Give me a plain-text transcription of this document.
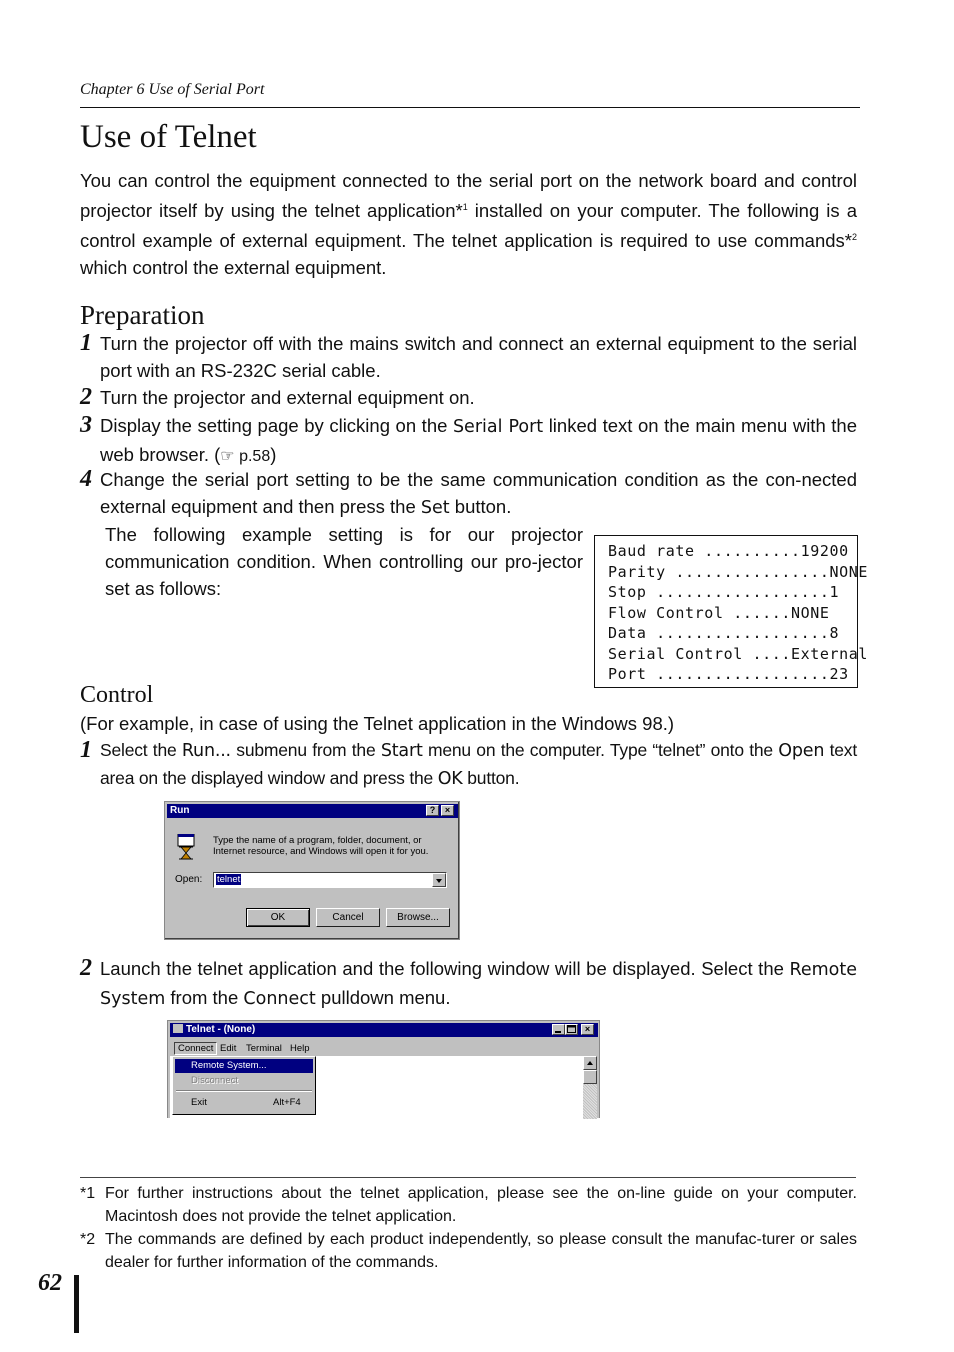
Chapter 6 Use of Serial Port
Use of Telnet
You can control the equipment connected to the serial port on the network board and control projector itself by using the telnet application*$^1$ installed on your computer. The following is a control example of external equipment. The telnet application is required to use commands*$^2$ which control the external equipment.
Preparation
1 Turn the projector off with the mains switch and connect an external equipment to the serial port with an RS-232C serial cable.
2 Turn the projector and external equipment on.
3 Display the setting page by clicking on the Serial Port linked text on the main menu with the web browser. (☞ p.58)
4 Change the serial port setting to be the same communication condition as the con-nected external equipment and then press the Set button.
The following example setting is for our projector communication condition. When controlling our pro-jector set as follows:
Baud rate ..........19200
Parity ................NONE
Stop ..................1
Flow Control ......NONE
Data ..................8
Serial Control ....External
Port ..................23
Control
(For example, in case of using the Telnet application in the Windows 98.)
1 Select the Run... submenu from the Start menu on the computer. Type “telnet” onto the Open text area on the displayed window and press the OK button.
Run	?	×
Type the name of a program, folder, document, or Internet resource, and Windows will open it for you.
Open: telnet
OK	Cancel	Browse...
2 Launch the telnet application and the following window will be displayed. Select the Remote System from the Connect pulldown menu.
Telnet - (None)	×
Connect Edit Terminal Help
Remote System...
Disconnect
Exit	Alt+F4
*1 For further instructions about the telnet application, please see the on-line guide on your computer. Macintosh does not provide the telnet application.
*2 The commands are defined by each product independently, so please consult the manufac-turer or sales dealer for further information of the commands.
62
